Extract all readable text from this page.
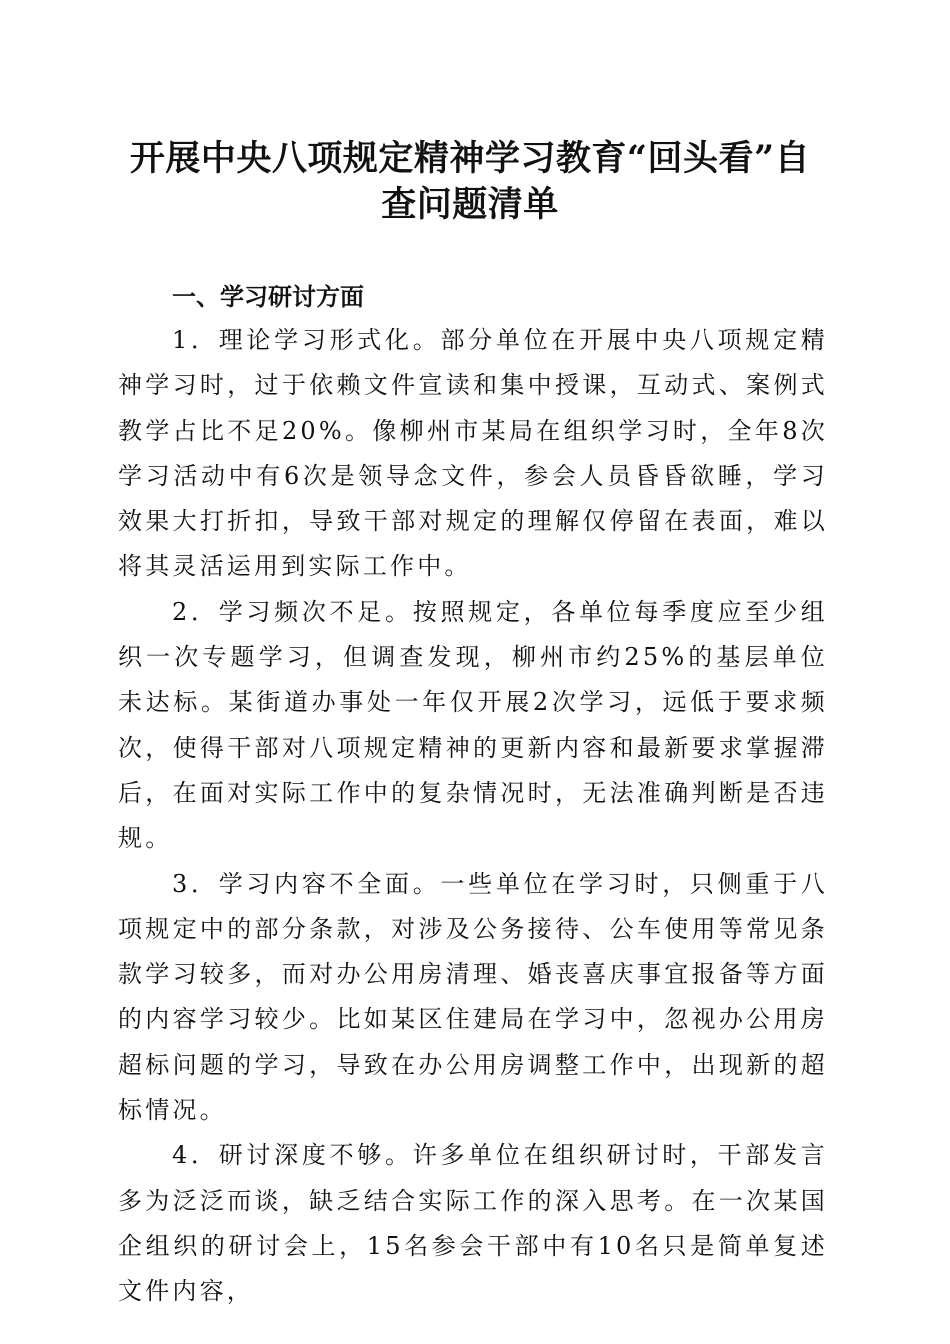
开展中央八项规定精神学习教育“回头看”自
查问题清单
一、学习研讨方面

1．理论学习形式化。部分单位在开展中央八项规定精神学习时，过于依赖文件宣读和集中授课，互动式、案例式教学占比不足20%。像柳州市某局在组织学习时，全年8次学习活动中有6次是领导念文件，参会人员昏昏欲睡，学习效果大打折扣，导致干部对规定的理解仅停留在表面，难以将其灵活运用到实际工作中。

2．学习频次不足。按照规定，各单位每季度应至少组织一次专题学习，但调查发现，柳州市约25%的基层单位未达标。某街道办事处一年仅开展2次学习，远低于要求频次，使得干部对八项规定精神的更新内容和最新要求掌握滞后，在面对实际工作中的复杂情况时，无法准确判断是否违规。

3．学习内容不全面。一些单位在学习时，只侧重于八项规定中的部分条款，对涉及公务接待、公车使用等常见条款学习较多，而对办公用房清理、婚丧喜庆事宜报备等方面的内容学习较少。比如某区住建局在学习中，忽视办公用房超标问题的学习，导致在办公用房调整工作中，出现新的超标情况。

4．研讨深度不够。许多单位在组织研讨时，干部发言多为泛泛而谈，缺乏结合实际工作的深入思考。在一次某国企组织的研讨会上，15名参会干部中有10名只是简单复述文件内容，
